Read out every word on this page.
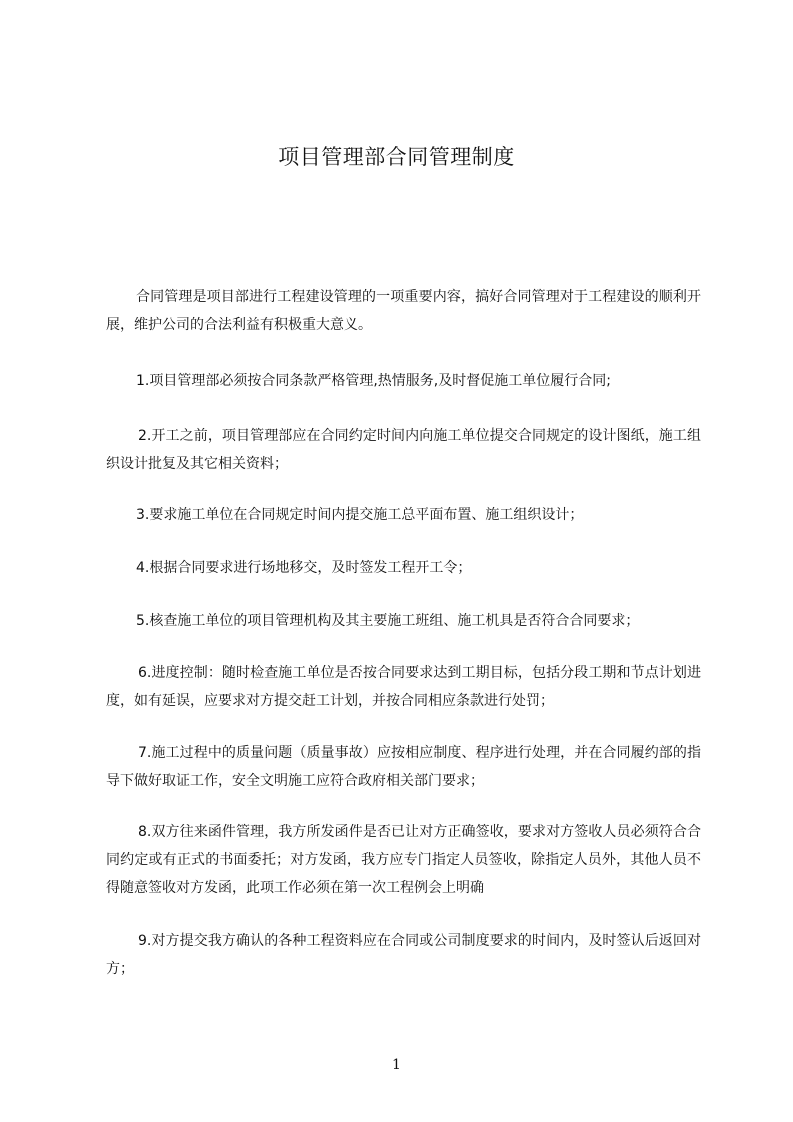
项目管理部合同管理制度

合同管理是项目部进行工程建设管理的一项重要内容，搞好合同管理对于工程建设的顺利开展，维护公司的合法利益有积极重大意义。

1.项目管理部必须按合同条款严格管理,热情服务,及时督促施工单位履行合同;

2.开工之前，项目管理部应在合同约定时间内向施工单位提交合同规定的设计图纸，施工组织设计批复及其它相关资料；

3.要求施工单位在合同规定时间内提交施工总平面布置、施工组织设计；

4.根据合同要求进行场地移交，及时签发工程开工令；

5.核查施工单位的项目管理机构及其主要施工班组、施工机具是否符合合同要求；

6.进度控制：随时检查施工单位是否按合同要求达到工期目标，包括分段工期和节点计划进度，如有延误，应要求对方提交赶工计划，并按合同相应条款进行处罚；

7.施工过程中的质量问题（质量事故）应按相应制度、程序进行处理，并在合同履约部的指导下做好取证工作，安全文明施工应符合政府相关部门要求；

8.双方往来函件管理，我方所发函件是否已让对方正确签收，要求对方签收人员必须符合合同约定或有正式的书面委托；对方发函，我方应专门指定人员签收，除指定人员外，其他人员不得随意签收对方发函，此项工作必须在第一次工程例会上明确

9.对方提交我方确认的各种工程资料应在合同或公司制度要求的时间内，及时签认后返回对方；

1
